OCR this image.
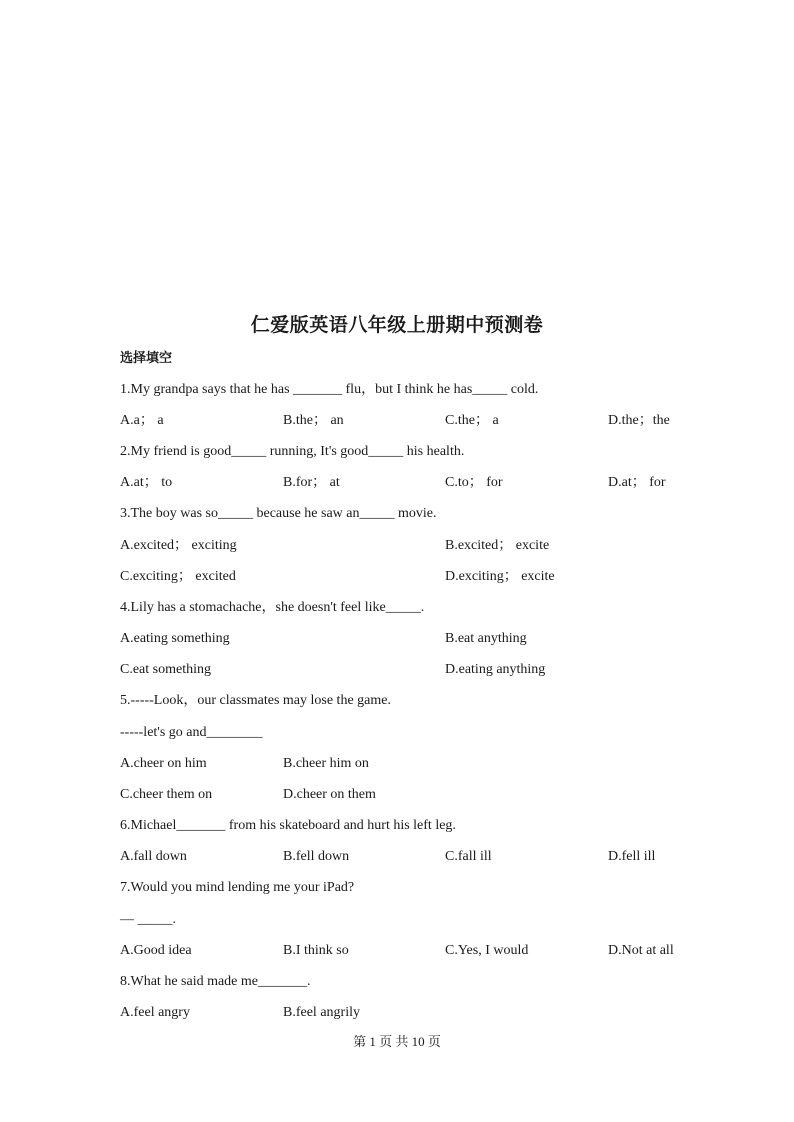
仁爱版英语八年级上册期中预测卷
选择填空
1.My grandpa says that he has _______ flu，but I think he has_____ cold.
A.a； a	B.the； an	C.the； a	D.the；the
2.My friend is good_____ running, It's good_____ his health.
A.at； to	B.for； at	C.to； for	D.at； for
3.The boy was so_____ because he saw an_____ movie.
A.excited； exciting	B.excited； excite
C.exciting； excited	D.exciting； excite
4.Lily has a stomachache，she doesn't feel like_____.
A.eating something	B.eat anything
C.eat something	D.eating anything
5.-----Look，our classmates may lose the game.
-----let's go and________
A.cheer on him	B.cheer him on
C.cheer them on	D.cheer on them
6.Michael_______ from his skateboard and hurt his left leg.
A.fall down	B.fell down	C.fall ill	D.fell ill
7.Would you mind lending me your iPad?
— _____.
A.Good idea	B.I think so	C.Yes, I would	D.Not at all
8.What he said made me_______.
A.feel angry	B.feel angrily
第 1 页 共 10 页
